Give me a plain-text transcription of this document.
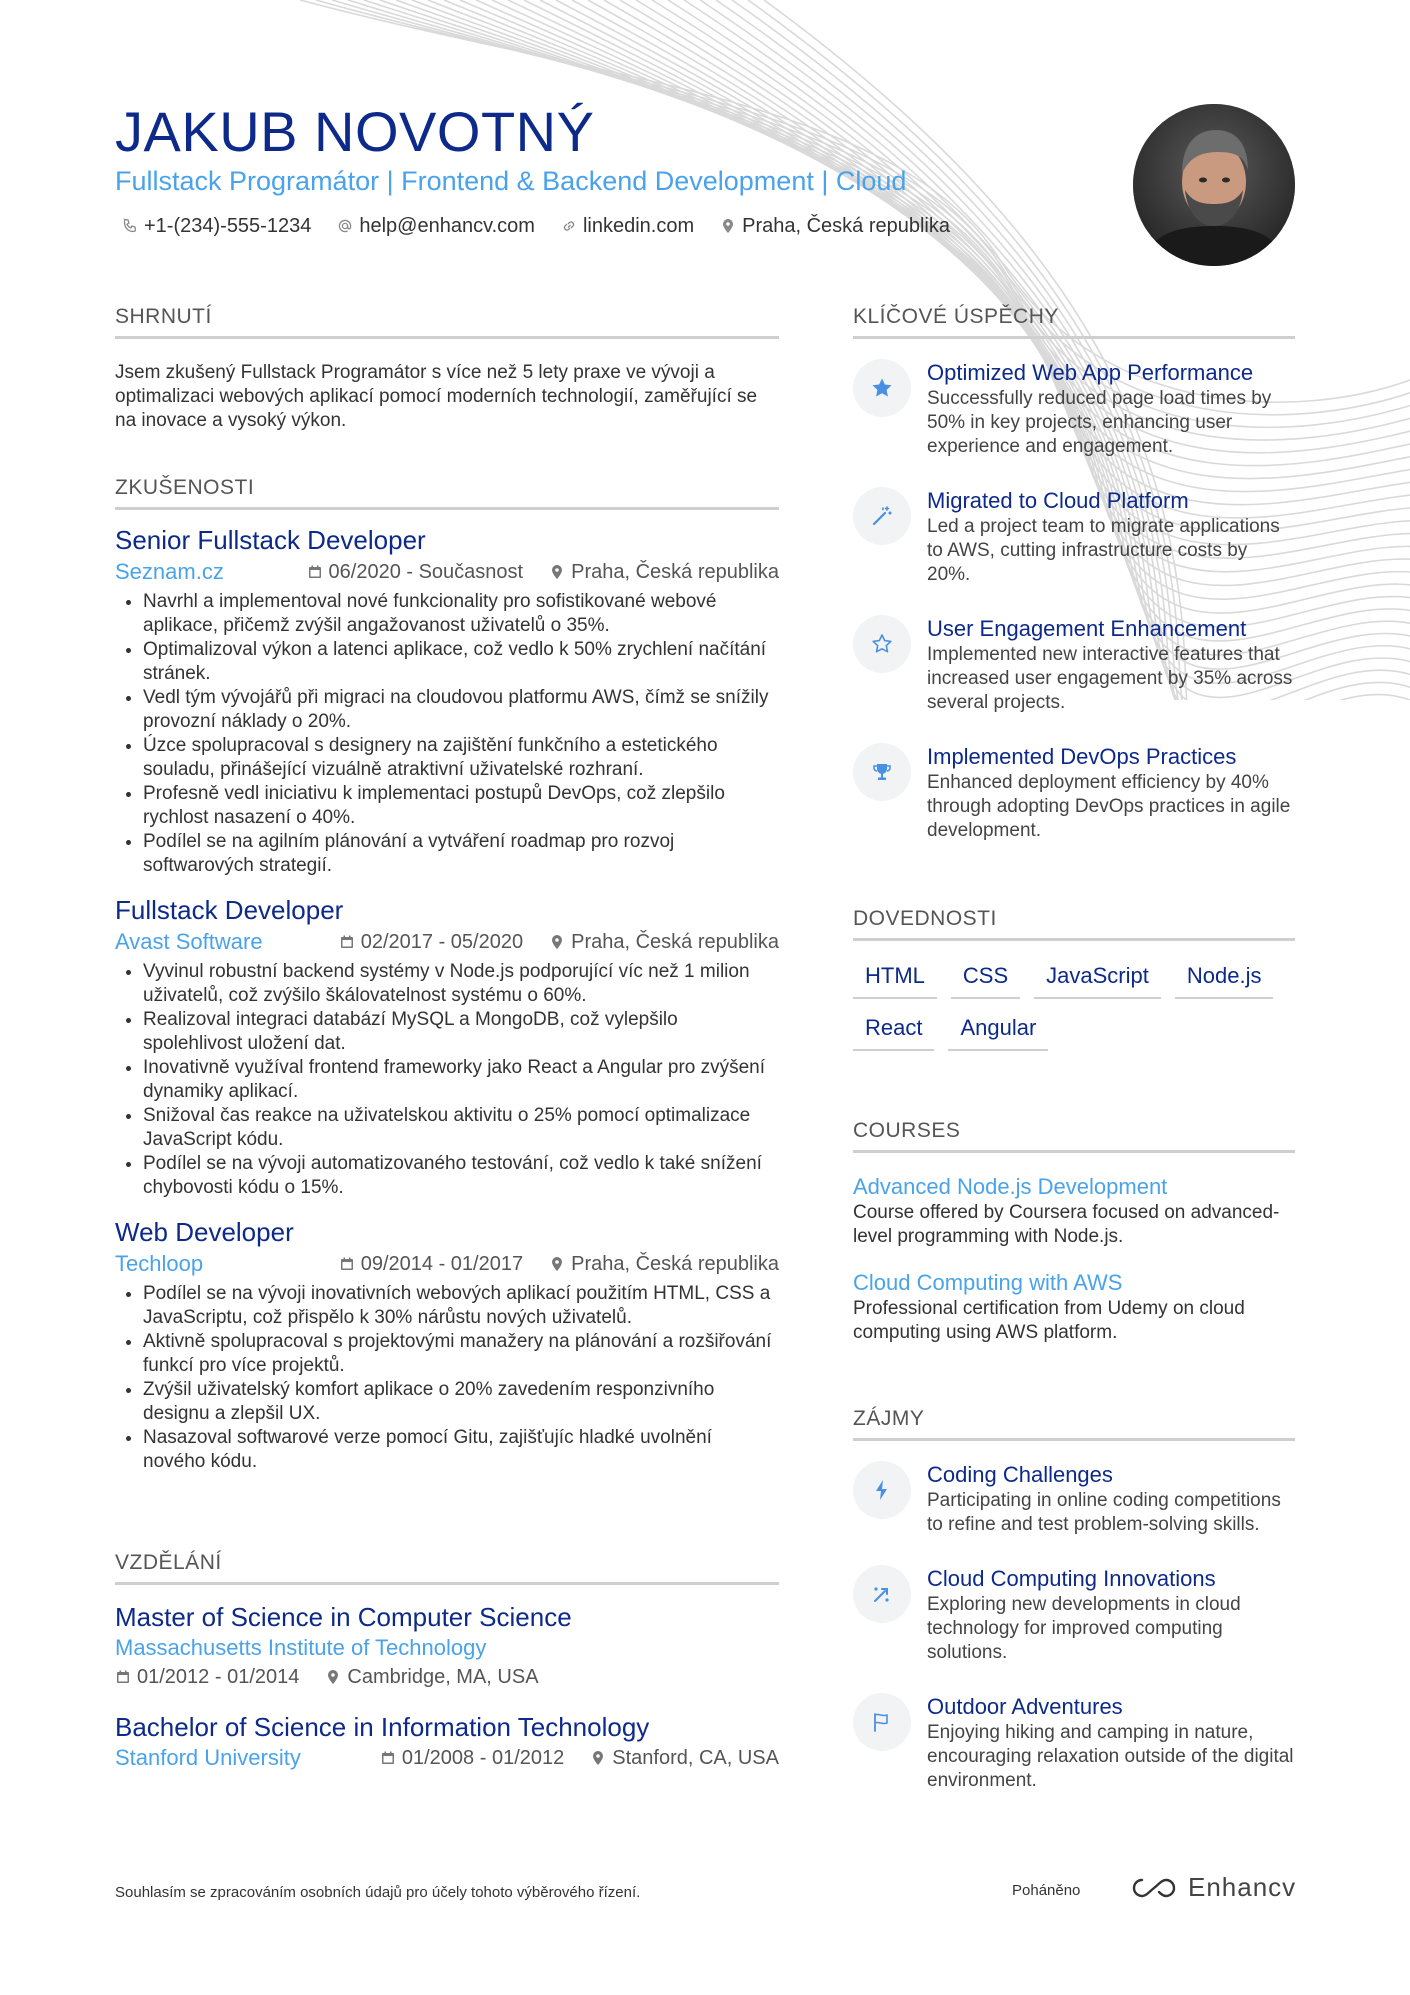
JAKUB NOVOTNÝ
Fullstack Programátor | Frontend & Backend Development | Cloud
+1-(234)-555-1234 help@enhancv.com linkedin.com Praha, Česká republika
SHRNUTÍ
Jsem zkušený Fullstack Programátor s více než 5 lety praxe ve vývoji a optimalizaci webových aplikací pomocí moderních technologií, zaměřující se na inovace a vysoký výkon.
ZKUŠENOSTI
Senior Fullstack Developer
Seznam.cz	06/2020 - Současnost Praha, Česká republika
• Navrhl a implementoval nové funkcionality pro sofistikované webové aplikace, přičemž zvýšil angažovanost uživatelů o 35%.
• Optimalizoval výkon a latenci aplikace, což vedlo k 50% zrychlení načítání stránek.
• Vedl tým vývojářů při migraci na cloudovou platformu AWS, čímž se snížily provozní náklady o 20%.
• Úzce spolupracoval s designery na zajištění funkčního a estetického souladu, přinášející vizuálně atraktivní uživatelské rozhraní.
• Profesně vedl iniciativu k implementaci postupů DevOps, což zlepšilo rychlost nasazení o 40%.
• Podílel se na agilním plánování a vytváření roadmap pro rozvoj softwarových strategií.
Fullstack Developer
Avast Software	02/2017 - 05/2020 Praha, Česká republika
• Vyvinul robustní backend systémy v Node.js podporující víc než 1 milion uživatelů, což zvýšilo škálovatelnost systému o 60%.
• Realizoval integraci databází MySQL a MongoDB, což vylepšilo spolehlivost uložení dat.
• Inovativně využíval frontend frameworky jako React a Angular pro zvýšení dynamiky aplikací.
• Snižoval čas reakce na uživatelskou aktivitu o 25% pomocí optimalizace JavaScript kódu.
• Podílel se na vývoji automatizovaného testování, což vedlo k také snížení chybovosti kódu o 15%.
Web Developer
Techloop	09/2014 - 01/2017 Praha, Česká republika
• Podílel se na vývoji inovativních webových aplikací použitím HTML, CSS a JavaScriptu, což přispělo k 30% nárůstu nových uživatelů.
• Aktivně spolupracoval s projektovými manažery na plánování a rozšiřování funkcí pro více projektů.
• Zvýšil uživatelský komfort aplikace o 20% zavedením responzivního designu a zlepšil UX.
• Nasazoval softwarové verze pomocí Gitu, zajišťujíc hladké uvolnění nového kódu.
VZDĚLÁNÍ
Master of Science in Computer Science
Massachusetts Institute of Technology
01/2012 - 01/2014 Cambridge, MA, USA
Bachelor of Science in Information Technology
Stanford University	01/2008 - 01/2012 Stanford, CA, USA
KLÍČOVÉ ÚSPĚCHY
Optimized Web App Performance
Successfully reduced page load times by 50% in key projects, enhancing user experience and engagement.
Migrated to Cloud Platform
Led a project team to migrate applications to AWS, cutting infrastructure costs by 20%.
User Engagement Enhancement
Implemented new interactive features that increased user engagement by 35% across several projects.
Implemented DevOps Practices
Enhanced deployment efficiency by 40% through adopting DevOps practices in agile development.
DOVEDNOSTI
HTML	CSS	JavaScript	Node.js
React	Angular
COURSES
Advanced Node.js Development
Course offered by Coursera focused on advanced-level programming with Node.js.
Cloud Computing with AWS
Professional certification from Udemy on cloud computing using AWS platform.
ZÁJMY
Coding Challenges
Participating in online coding competitions to refine and test problem-solving skills.
Cloud Computing Innovations
Exploring new developments in cloud technology for improved computing solutions.
Outdoor Adventures
Enjoying hiking and camping in nature, encouraging relaxation outside of the digital environment.
Souhlasím se zpracováním osobních údajů pro účely tohoto výběrového řízení.	Poháněno	Enhancv
